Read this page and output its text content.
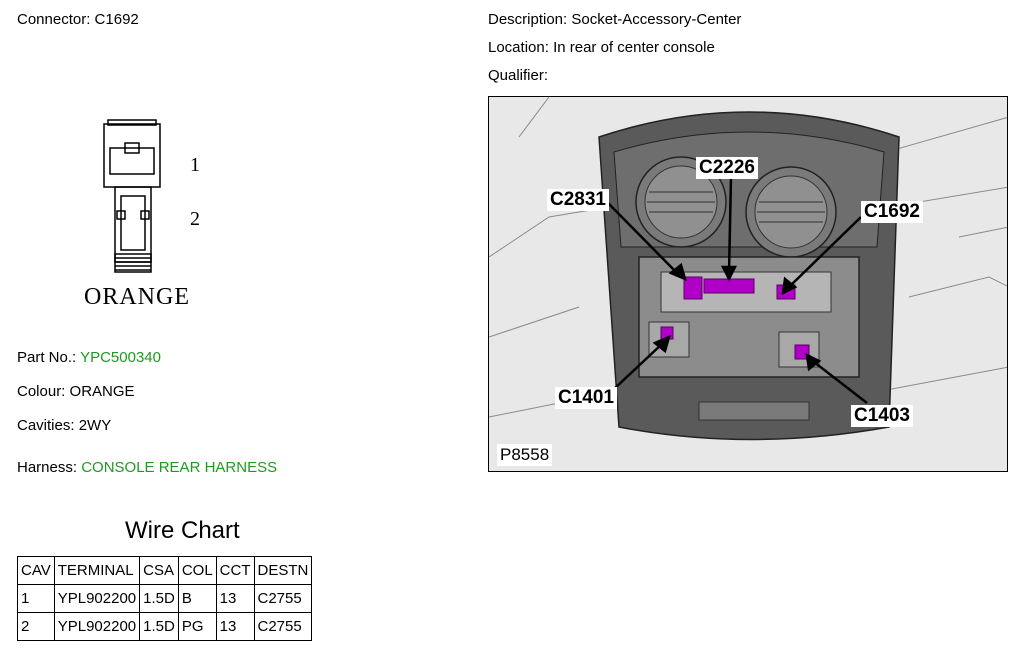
Connector: C1692	Description: Socket-Accessory-Center
Location: In rear of center console
Qualifier:
1
2
ORANGE
Part No.: YPC500340
Colour: ORANGE
Cavities: 2WY
Harness: CONSOLE REAR HARNESS
Wire Chart
CAV	TERMINAL	CSA	COL	CCT	DESTN
1	YPL902200	1.5D	B	13	C2755
2	YPL902200	1.5D	PG	13	C2755
C2226
C2831
C1692
C1401
C1403
P8558
